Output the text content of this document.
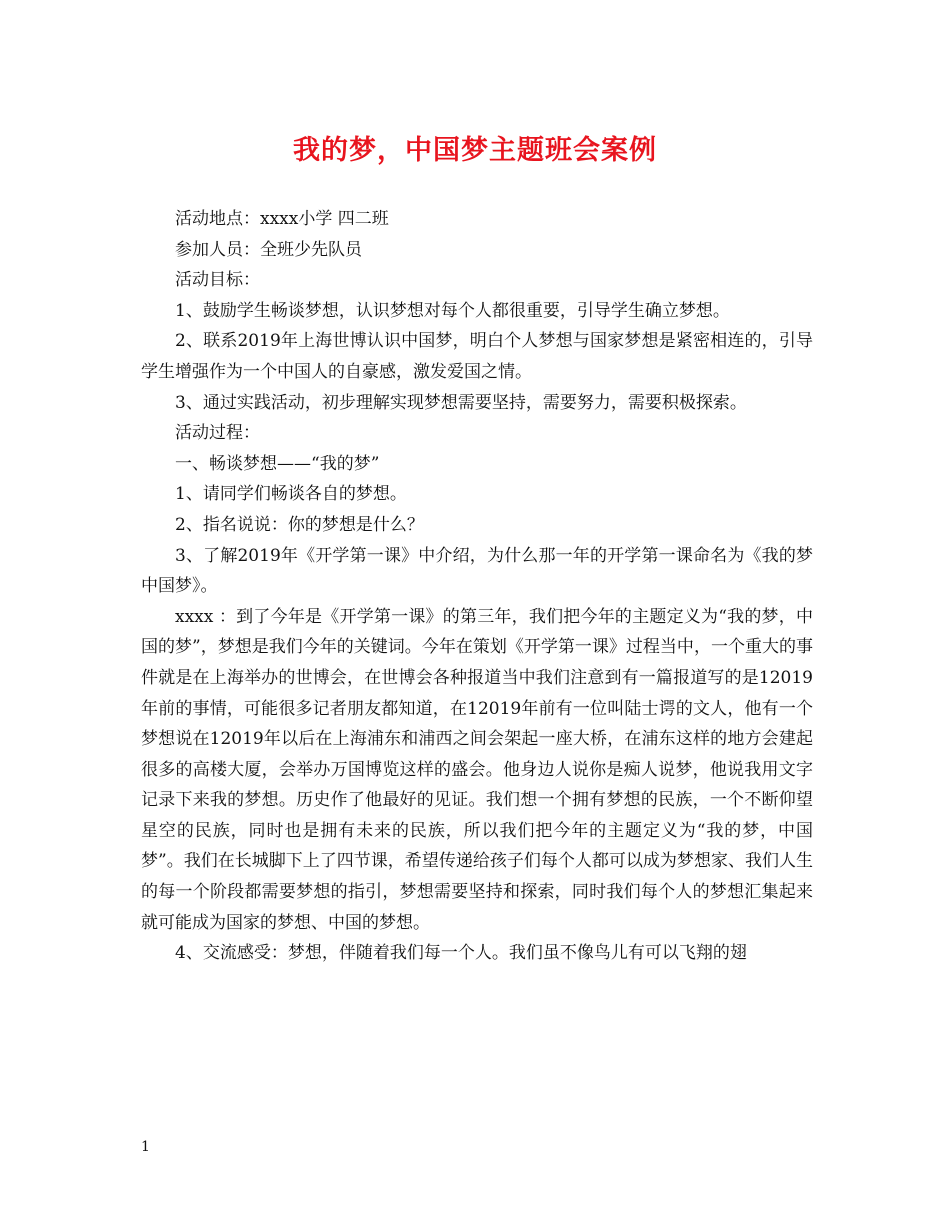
我的梦，中国梦主题班会案例

活动地点：xxxx小学 四二班

参加人员：全班少先队员

活动目标：

1、鼓励学生畅谈梦想，认识梦想对每个人都很重要，引导学生确立梦想。

2、联系2019年上海世博认识中国梦，明白个人梦想与国家梦想是紧密相连的，引导学生增强作为一个中国人的自豪感，激发爱国之情。

3、通过实践活动，初步理解实现梦想需要坚持，需要努力，需要积极探索。

活动过程：

一、畅谈梦想——“我的梦”

1、请同学们畅谈各自的梦想。

2、指名说说：你的梦想是什么？

3、了解2019年《开学第一课》中介绍，为什么那一年的开学第一课命名为《我的梦 中国梦》。

xxxx ：到了今年是《开学第一课》的第三年，我们把今年的主题定义为“我的梦，中国的梦”，梦想是我们今年的关键词。今年在策划《开学第一课》过程当中，一个重大的事件就是在上海举办的世博会，在世博会各种报道当中我们注意到有一篇报道写的是12019年前的事情，可能很多记者朋友都知道，在12019年前有一位叫陆士谔的文人，他有一个梦想说在12019年以后在上海浦东和浦西之间会架起一座大桥，在浦东这样的地方会建起很多的高楼大厦，会举办万国博览这样的盛会。他身边人说你是痴人说梦，他说我用文字记录下来我的梦想。历史作了他最好的见证。我们想一个拥有梦想的民族，一个不断仰望星空的民族，同时也是拥有未来的民族，所以我们把今年的主题定义为“我的梦，中国梦”。我们在长城脚下上了四节课，希望传递给孩子们每个人都可以成为梦想家、我们人生的每一个阶段都需要梦想的指引，梦想需要坚持和探索，同时我们每个人的梦想汇集起来就可能成为国家的梦想、中国的梦想。

4、交流感受：梦想，伴随着我们每一个人。我们虽不像鸟儿有可以飞翔的翅

1
